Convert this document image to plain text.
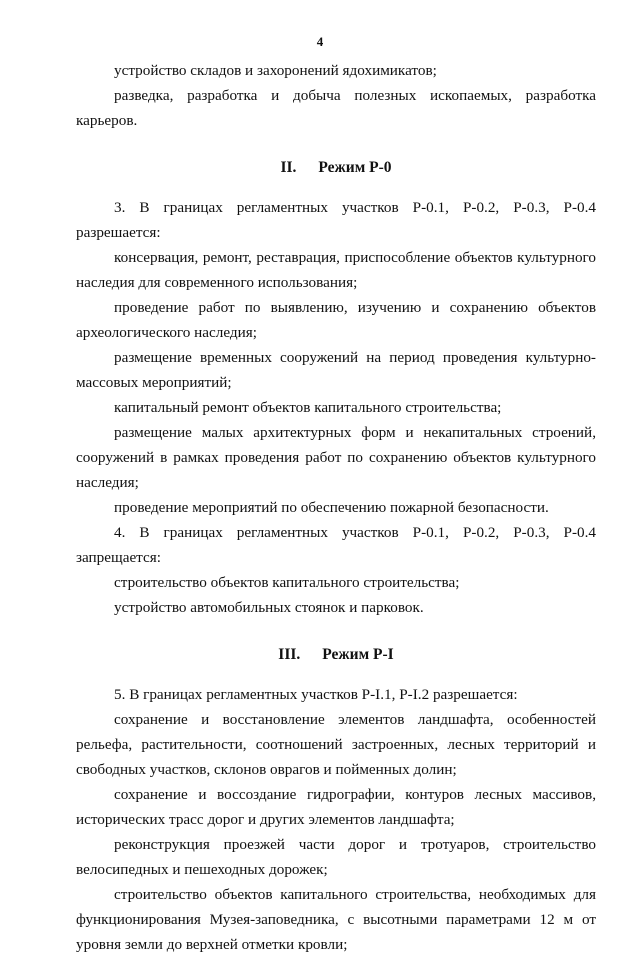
4

устройство складов и захоронений ядохимикатов;

разведка, разработка и добыча полезных ископаемых, разработка карьеров.

II. Режим Р-0

3. В границах регламентных участков Р-0.1, Р-0.2, Р-0.3, Р-0.4 разрешается:

консервация, ремонт, реставрация, приспособление объектов культурного наследия для современного использования;

проведение работ по выявлению, изучению и сохранению объектов археологического наследия;

размещение временных сооружений на период проведения культурно-массовых мероприятий;

капитальный ремонт объектов капитального строительства;

размещение малых архитектурных форм и некапитальных строений, сооружений в рамках проведения работ по сохранению объектов культурного наследия;

проведение мероприятий по обеспечению пожарной безопасности.

4. В границах регламентных участков Р-0.1, Р-0.2, Р-0.3, Р-0.4 запрещается:

строительство объектов капитального строительства;

устройство автомобильных стоянок и парковок.

III. Режим Р-I

5. В границах регламентных участков Р-I.1, Р-I.2 разрешается:

сохранение и восстановление элементов ландшафта, особенностей рельефа, растительности, соотношений застроенных, лесных территорий и свободных участков, склонов оврагов и пойменных долин;

сохранение и воссоздание гидрографии, контуров лесных массивов, исторических трасс дорог и других элементов ландшафта;

реконструкция проезжей части дорог и тротуаров, строительство велосипедных и пешеходных дорожек;

строительство объектов капитального строительства, необходимых для функционирования Музея-заповедника, с высотными параметрами 12 м от уровня земли до верхней отметки кровли;
